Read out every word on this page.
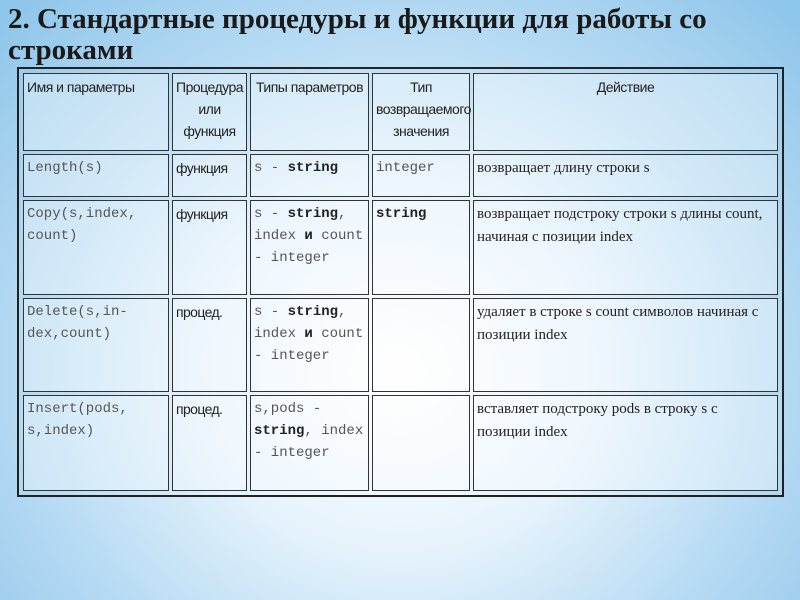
2. Стандартные процедуры и функции для работы со строками
Имя и параметры	Процедура или функция	Типы параметров	Тип возвращаемого значения	Действие
Length(s)	функция	s - string	integer	возвращает длину строки s
Copy(s,index, count)	функция	s - string, index и count - integer	string	возвращает подстроку строки s длины count, начиная с позиции index
Delete(s,in-dex,count)	процед.	s - string, index и count - integer		удаляет в строке s count символов начиная с позиции index
Insert(pods, s,index)	процед.	s,pods - string, index - integer		вставляет подстроку pods в строку s с позиции index
